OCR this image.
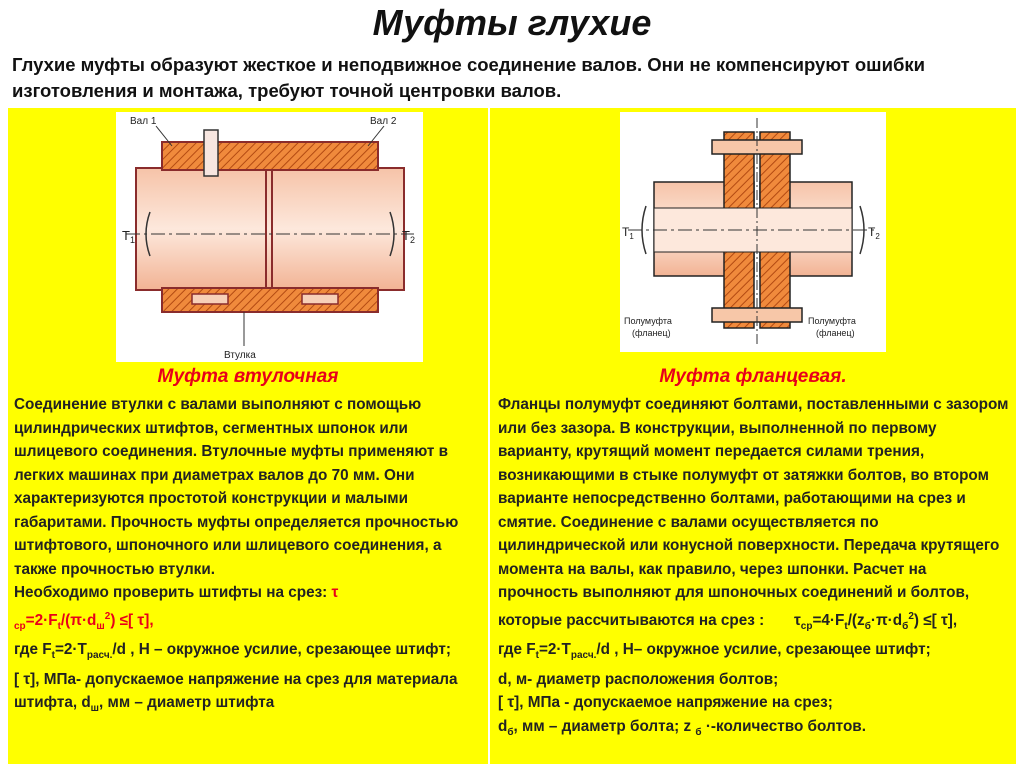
Муфты глухие
Глухие муфты образуют жесткое и неподвижное соединение валов. Они не компенсируют ошибки изготовления и монтажа, требуют точной центровки валов.
Вал 1	Вал 2
$T_1$	$T_2$
Втулка
Муфта втулочная
Соединение втулки с валами выполняют с помощью цилиндрических штифтов, сегментных шпонок или шлицевого соединения. Втулочные муфты применяют в легких машинах при диаметрах валов до 70 мм. Они характеризуются простотой конструкции и малыми габаритами. Прочность муфты определяется прочностью штифтового, шпоночного или шлицевого соединения, а также прочностью втулки.
Необходимо проверить штифты на срез: τ
$_{ср}=2\cdot F_t/(\pi\cdot d_ш^2)$ ≤[ τ],
где $F_t=2\cdot T_{расч.}/d$ , H – окружное усилие, срезающее штифт;
[ τ], МПа- допускаемое напряжение на срез для материала штифта, $d_ш$, мм – диаметр штифта
$T_1$	$T_2$
Полумуфта
(фланец)
Полумуфта
(фланец)
Муфта фланцевая.
Фланцы полумуфт соединяют болтами, поставленными с зазором или без зазора. В конструкции, выполненной по первому варианту, крутящий момент передается силами трения, возникающими в стыке полумуфт от затяжки болтов, во втором варианте непосредственно болтами, работающими на срез и смятие. Соединение с валами осуществляется по цилиндрической или конусной поверхности. Передача крутящего момента на валы, как правило, через шпонки. Расчет на прочность выполняют для шпоночных соединений и болтов, которые рассчитываются на срез : $\tau_{ср}=4\cdot F_t/(z_б\cdot\pi\cdot d_б^2)$ ≤[ τ],
где $F_t=2\cdot T_{расч.}/d$ , H– окружное усилие, срезающее штифт;
d, м- диаметр расположения болтов;
[ τ], МПа - допускаемое напряжение на срез;
$d_б$, мм – диаметр болта; z $_б$ ·-количество болтов.
